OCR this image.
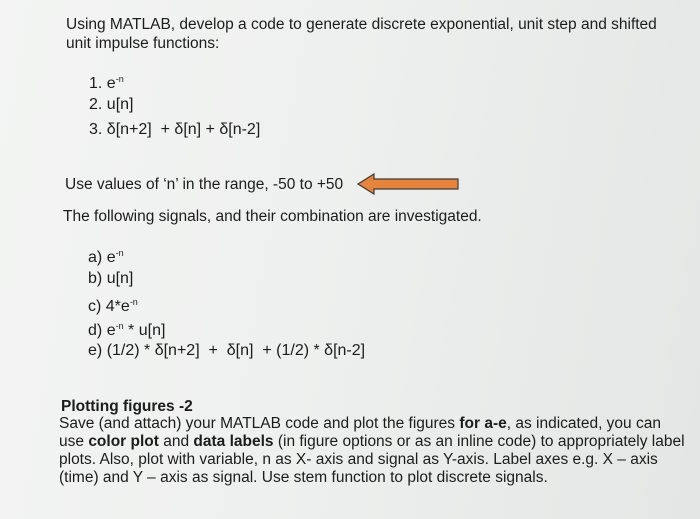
Using MATLAB, develop a code to generate discrete exponential, unit step and shifted
unit impulse functions:
1. $e^{-n}$
2. u[n]
3. δ[n+2]  + δ[n] + δ[n-2]
Use values of ‘n’ in the range, -50 to +50
The following signals, and their combination are investigated.
a) $e^{-n}$
b) u[n]
c) $4*e^{-n}$
d) $e^{-n} * u[n]$
e) (1/2) * δ[n+2]  +  δ[n]  + (1/2) * δ[n-2]
Plotting figures -2
Save (and attach) your MATLAB code and plot the figures for a-e, as indicated, you can use color plot and data labels (in figure options or as an inline code) to appropriately label plots. Also, plot with variable, n as X- axis and signal as Y-axis. Label axes e.g. X – axis (time) and Y – axis as signal. Use stem function to plot discrete signals.
